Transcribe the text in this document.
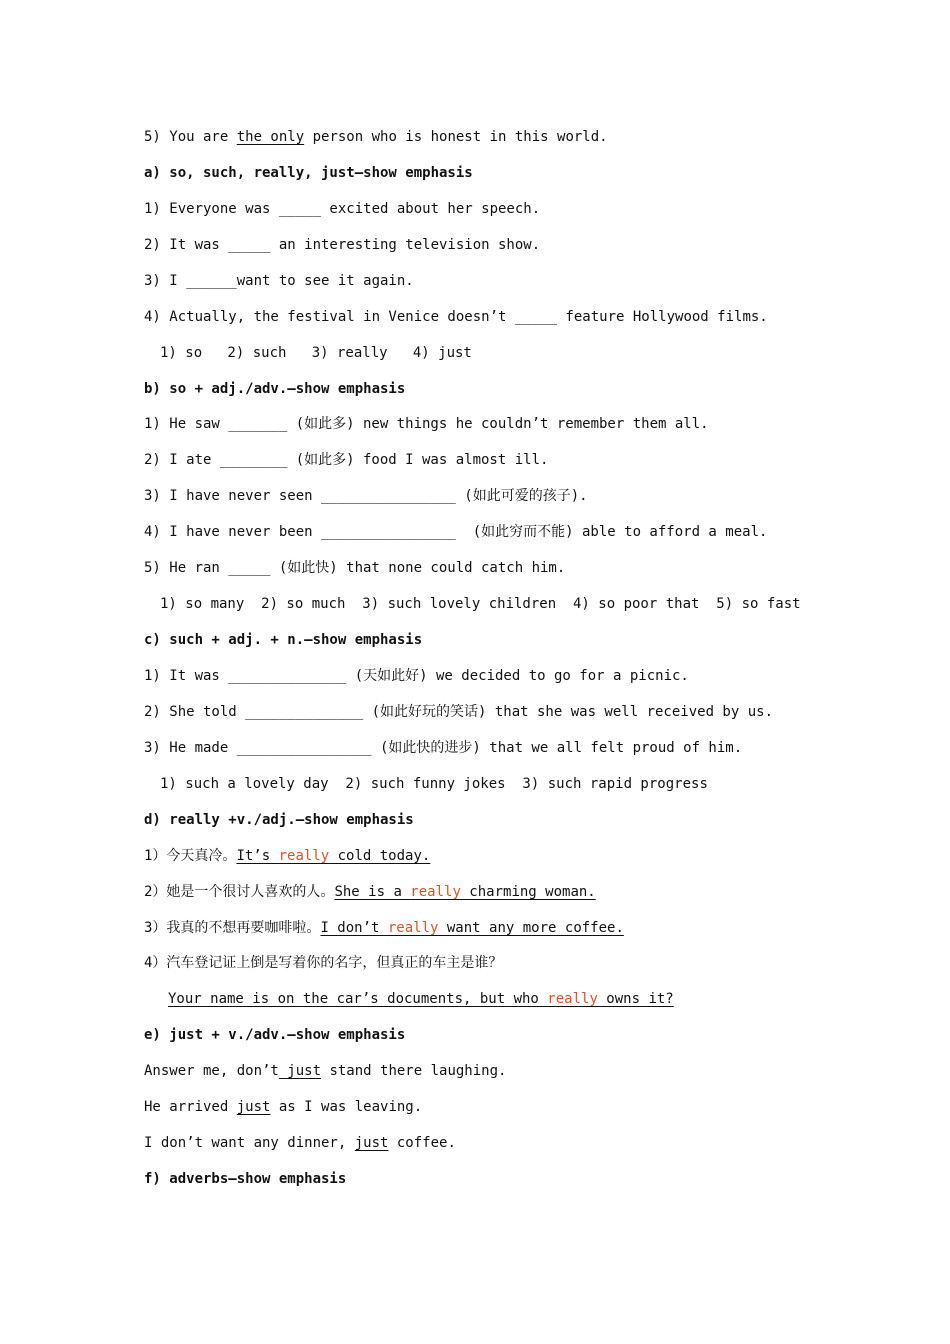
5) You are the only person who is honest in this world.
a) so, such, really, just—show emphasis
1) Everyone was _____ excited about her speech.
2) It was _____ an interesting television show.
3) I ______want to see it again.
4) Actually, the festival in Venice doesn’t _____ feature Hollywood films.
1) so   2) such   3) really   4) just
b) so + adj./adv.—show emphasis
1) He saw _______ (如此多) new things he couldn’t remember them all.
2) I ate ________ (如此多) food I was almost ill.
3) I have never seen ________________ (如此可爱的孩子).
4) I have never been ________________  (如此穷而不能) able to afford a meal.
5) He ran _____ (如此快) that none could catch him.
1) so many  2) so much  3) such lovely children  4) so poor that  5) so fast
c) such + adj. + n.—show emphasis
1) It was ______________ (天如此好) we decided to go for a picnic.
2) She told ______________ (如此好玩的笑话) that she was well received by us.
3) He made ________________ (如此快的进步) that we all felt proud of him.
1) such a lovely day  2) such funny jokes  3) such rapid progress
d) really +v./adj.—show emphasis
1）今天真冷。It’s really cold today.
2）她是一个很讨人喜欢的人。She is a really charming woman.
3）我真的不想再要咖啡啦。I don’t really want any more coffee.
4）汽车登记证上倒是写着你的名字，但真正的车主是谁？
Your name is on the car’s documents, but who really owns it?
e) just + v./adv.—show emphasis
Answer me, don’t just stand there laughing.
He arrived just as I was leaving.
I don’t want any dinner, just coffee.
f) adverbs—show emphasis
